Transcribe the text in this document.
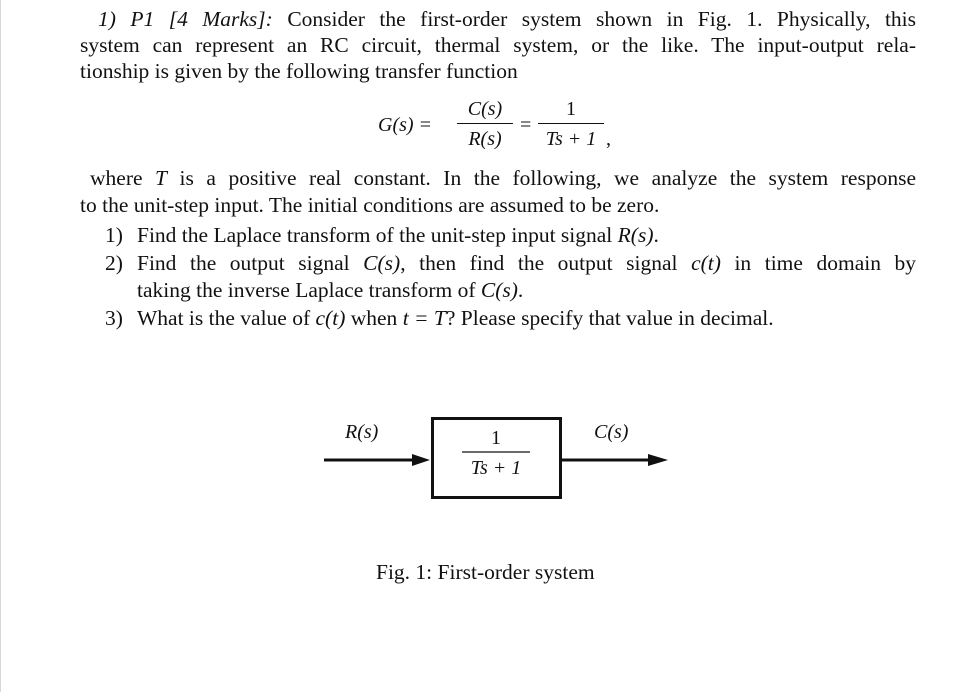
1) P1 [4 Marks]: Consider the first-order system shown in Fig. 1. Physically, this
system can represent an RC circuit, thermal system, or the like. The input-output rela-
tionship is given by the following transfer function
G(s) =
C(s)
R(s)
=
1
Ts + 1 ,
where T is a positive real constant. In the following, we analyze the system response
to the unit-step input. The initial conditions are assumed to be zero.
1) Find the Laplace transform of the unit-step input signal R(s).
2) Find the output signal C(s), then find the output signal c(t) in time domain by
taking the inverse Laplace transform of C(s).
3) What is the value of c(t) when t = T? Please specify that value in decimal.
R(s)	C(s)
1
Ts + 1
Fig. 1: First-order system
